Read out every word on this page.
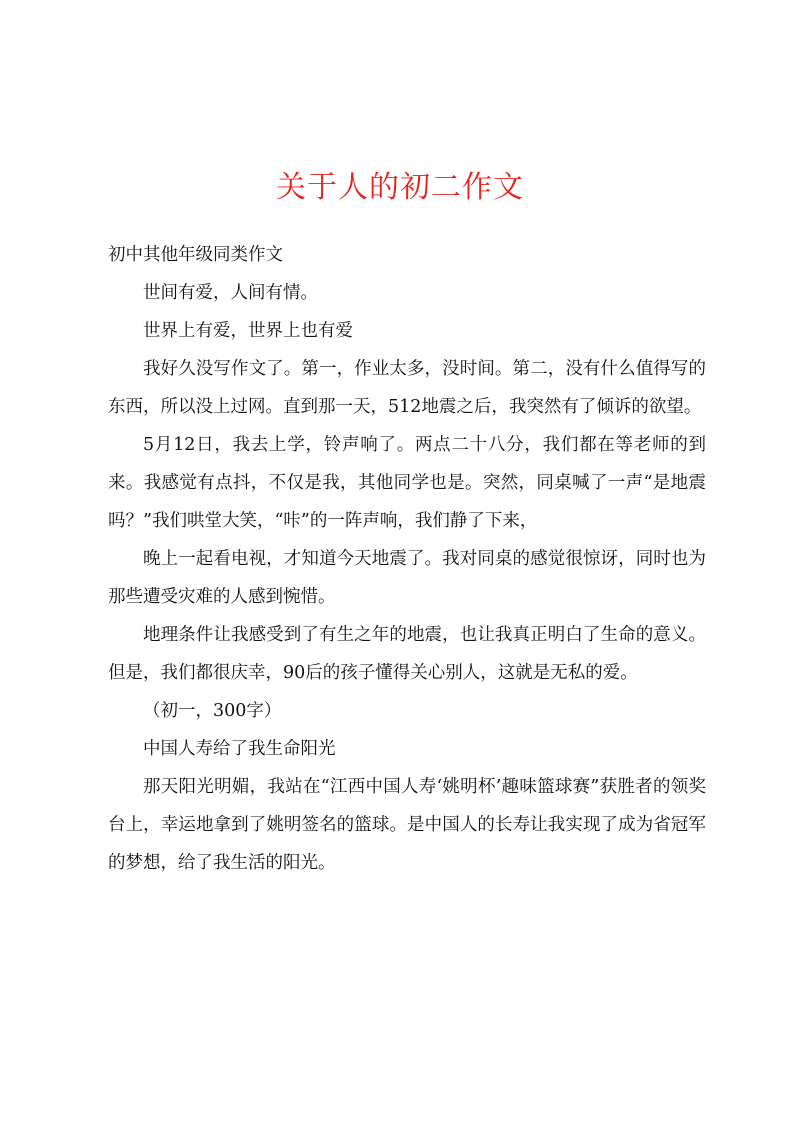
关于人的初二作文

初中其他年级同类作文

世间有爱，人间有情。

世界上有爱，世界上也有爱

我好久没写作文了。第一，作业太多，没时间。第二，没有什么值得写的东西，所以没上过网。直到那一天，512地震之后，我突然有了倾诉的欲望。

5月12日，我去上学，铃声响了。两点二十八分，我们都在等老师的到来。我感觉有点抖，不仅是我，其他同学也是。突然，同桌喊了一声“是地震吗？”我们哄堂大笑，“咔”的一阵声响，我们静了下来，

晚上一起看电视，才知道今天地震了。我对同桌的感觉很惊讶，同时也为那些遭受灾难的人感到惋惜。

地理条件让我感受到了有生之年的地震，也让我真正明白了生命的意义。但是，我们都很庆幸，90后的孩子懂得关心别人，这就是无私的爱。

（初一，300字）

中国人寿给了我生命阳光

那天阳光明媚，我站在“江西中国人寿‘姚明杯’趣味篮球赛”获胜者的领奖台上，幸运地拿到了姚明签名的篮球。是中国人的长寿让我实现了成为省冠军的梦想，给了我生活的阳光。
